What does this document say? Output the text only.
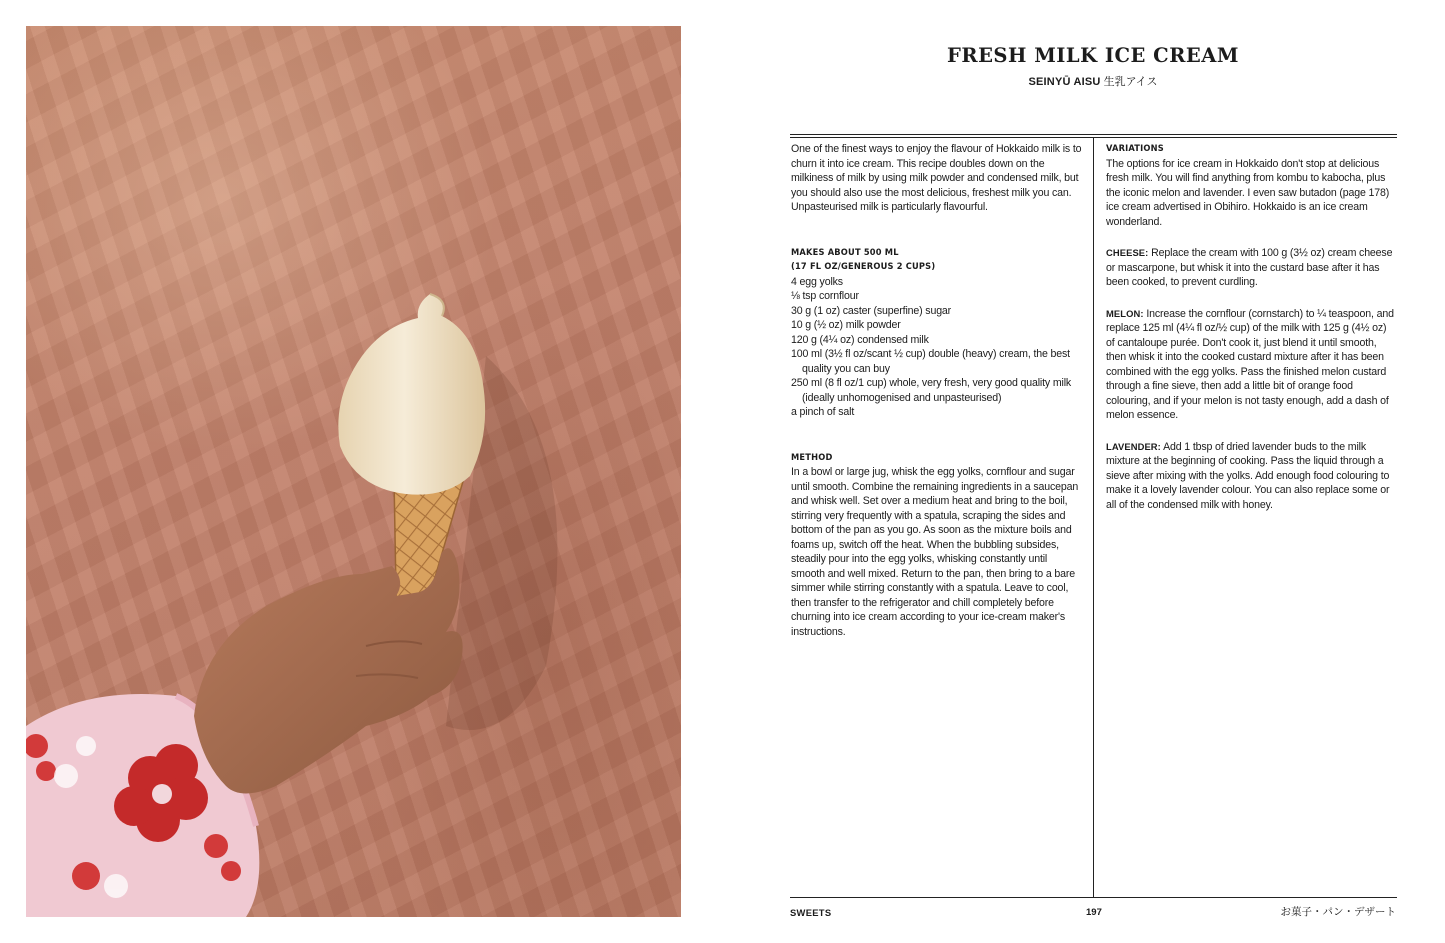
FRESH MILK ICE CREAM
SEINYŪ AISU 生乳アイス

One of the finest ways to enjoy the flavour of Hokkaido milk is to churn it into ice cream. This recipe doubles down on the milkiness of milk by using milk powder and condensed milk, but you should also use the most delicious, freshest milk you can. Unpasteurised milk is particularly flavourful.

MAKES ABOUT 500 ML

(17 FL OZ/GENEROUS 2 CUPS)

4 egg yolks

⅛ tsp cornflour

30 g (1 oz) caster (superfine) sugar

10 g (½ oz) milk powder

120 g (4¼ oz) condensed milk

100 ml (3½ fl oz/scant ½ cup) double (heavy) cream, the best quality you can buy

250 ml (8 fl oz/1 cup) whole, very fresh, very good quality milk (ideally unhomogenised and unpasteurised)

a pinch of salt

METHOD

In a bowl or large jug, whisk the egg yolks, cornflour and sugar until smooth. Combine the remaining ingredients in a saucepan and whisk well. Set over a medium heat and bring to the boil, stirring very frequently with a spatula, scraping the sides and bottom of the pan as you go. As soon as the mixture boils and foams up, switch off the heat. When the bubbling subsides, steadily pour into the egg yolks, whisking constantly until smooth and well mixed. Return to the pan, then bring to a bare simmer while stirring constantly with a spatula. Leave to cool, then transfer to the refrigerator and chill completely before churning into ice cream according to your ice-cream maker's instructions.

VARIATIONS

The options for ice cream in Hokkaido don't stop at delicious fresh milk. You will find anything from kombu to kabocha, plus the iconic melon and lavender. I even saw butadon (page 178) ice cream advertised in Obihiro. Hokkaido is an ice cream wonderland.

CHEESE: Replace the cream with 100 g (3½ oz) cream cheese or mascarpone, but whisk it into the custard base after it has been cooked, to prevent curdling.

MELON: Increase the cornflour (cornstarch) to ¼ teaspoon, and replace 125 ml (4¼ fl oz/½ cup) of the milk with 125 g (4½ oz) of cantaloupe purée. Don't cook it, just blend it until smooth, then whisk it into the cooked custard mixture after it has been combined with the egg yolks. Pass the finished melon custard through a fine sieve, then add a little bit of orange food colouring, and if your melon is not tasty enough, add a dash of melon essence.

LAVENDER: Add 1 tbsp of dried lavender buds to the milk mixture at the beginning of cooking. Pass the liquid through a sieve after mixing with the yolks. Add enough food colouring to make it a lovely lavender colour. You can also replace some or all of the condensed milk with honey.

SWEETS	197	お菓子・パン・デザート
